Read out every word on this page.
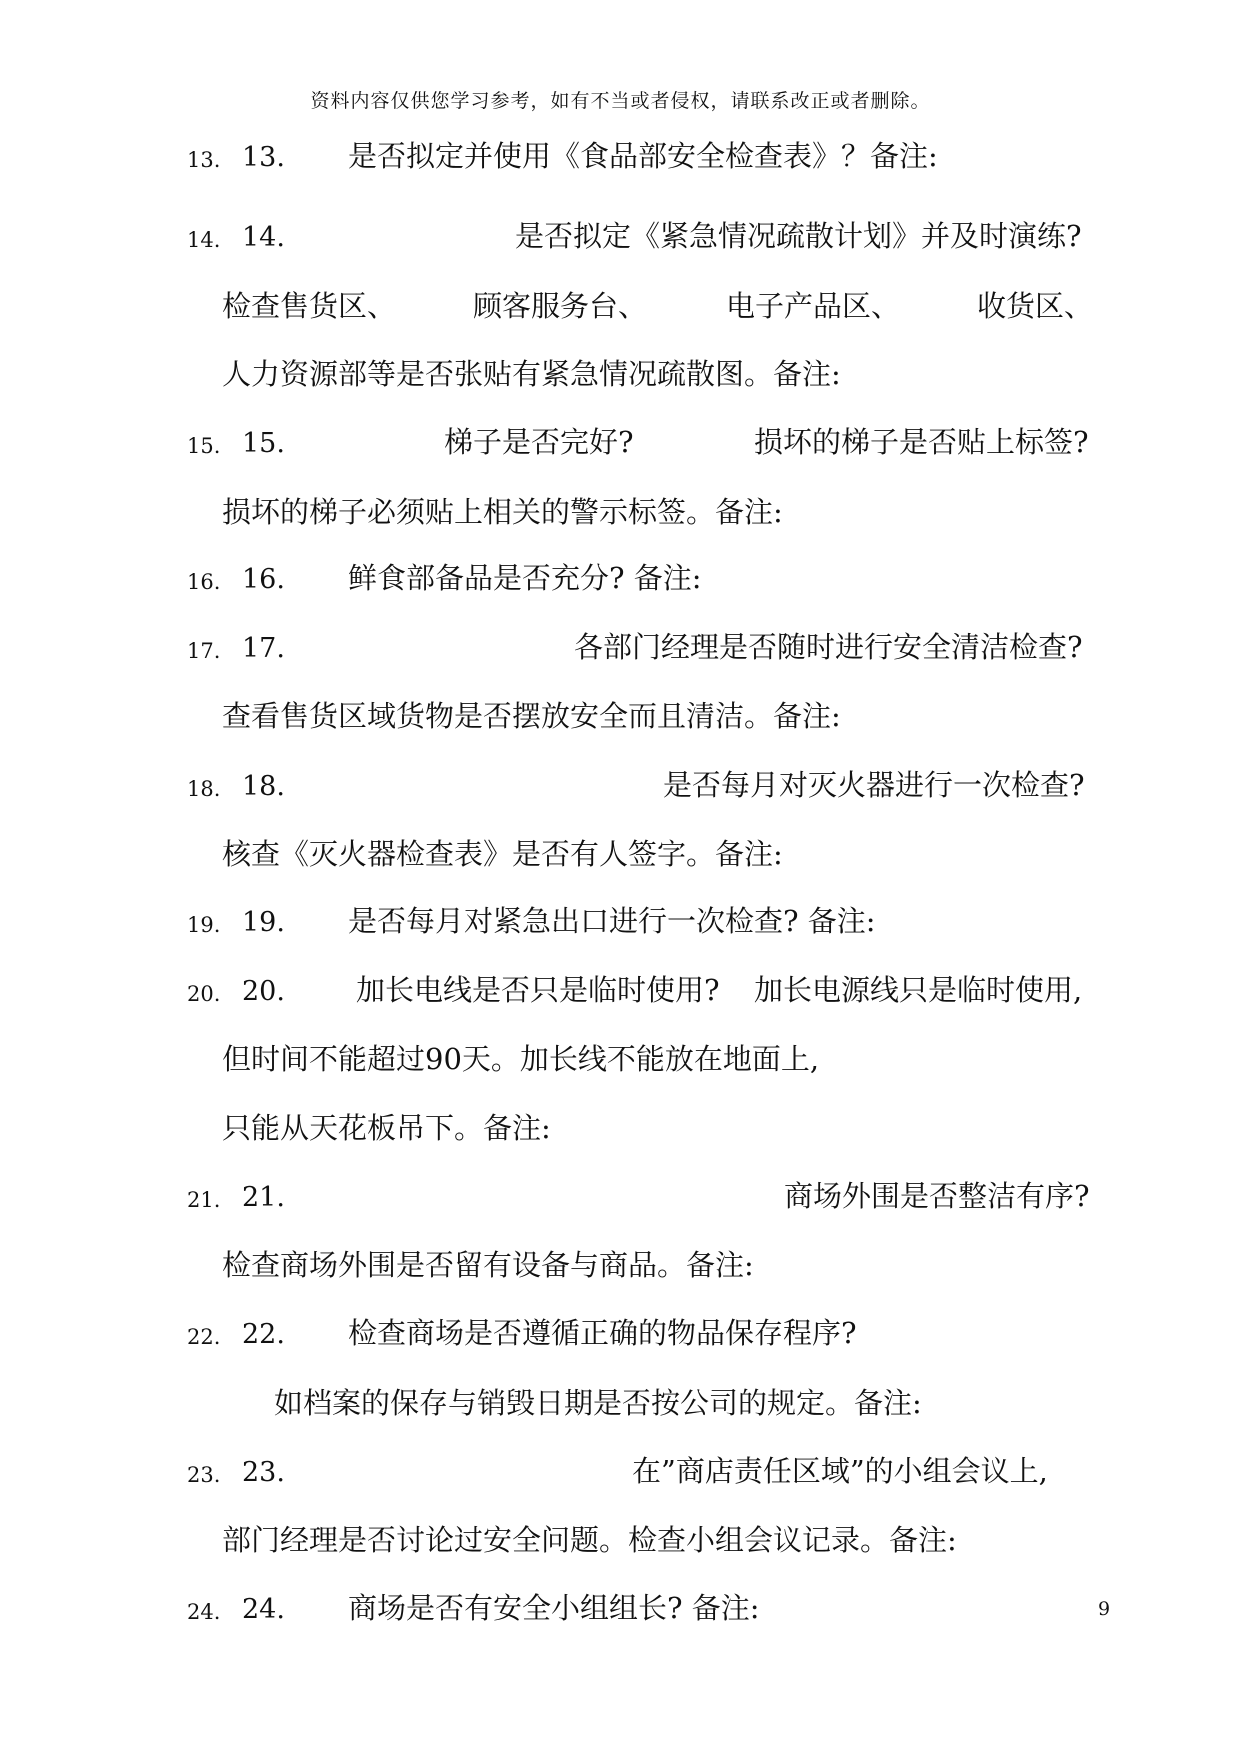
资料内容仅供您学习参考，如有不当或者侵权，请联系改正或者删除。
13. 13. 是否拟定并使用《食品部安全检查表》？备注:
14. 14.	是否拟定《紧急情况疏散计划》并及时演练?
检查售货区、	顾客服务台、	电子产品区、	收货区、
人力资源部等是否张贴有紧急情况疏散图。备注:
15. 15.	梯子是否完好?	损坏的梯子是否贴上标签?
损坏的梯子必须贴上相关的警示标签。备注:
16. 16. 鲜食部备品是否充分? 备注:
17. 17.	各部门经理是否随时进行安全清洁检查?
查看售货区域货物是否摆放安全而且清洁。备注:
18. 18.	是否每月对灭火器进行一次检查?
核查《灭火器检查表》是否有人签字。备注:
19. 19. 是否每月对紧急出口进行一次检查? 备注:
20. 20. 加长电线是否只是临时使用? 加长电源线只是临时使用,
但时间不能超过90天。加长线不能放在地面上,
只能从天花板吊下。备注:
21. 21.	商场外围是否整洁有序?
检查商场外围是否留有设备与商品。备注:
22. 22. 检查商场是否遵循正确的物品保存程序?
如档案的保存与销毁日期是否按公司的规定。备注:
23. 23.	在”商店责任区域”的小组会议上,
部门经理是否讨论过安全问题。检查小组会议记录。备注:
24. 24. 商场是否有安全小组组长? 备注:	9
